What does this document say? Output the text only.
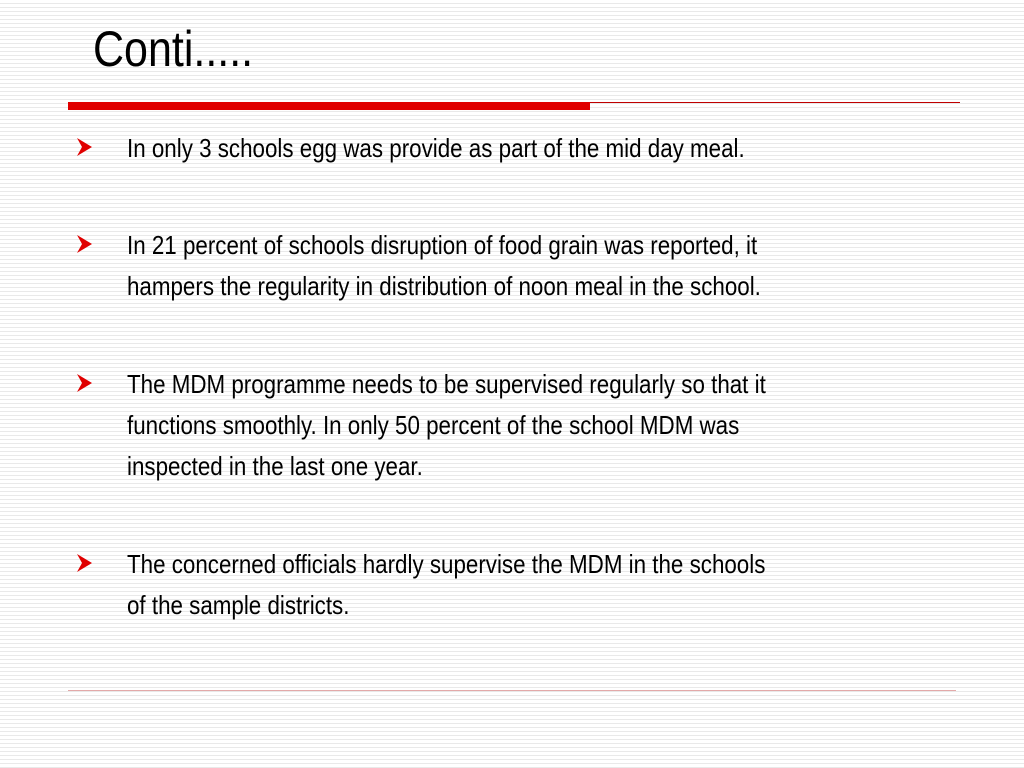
Conti.....
In only 3 schools egg was provide as part of the mid day meal.
In 21 percent of schools disruption of food grain was reported, it
hampers the regularity in distribution of noon meal in the school.
The MDM programme needs to be supervised regularly so that it
functions smoothly. In only 50 percent of the school MDM was
inspected in the last one year.
The concerned officials hardly supervise the MDM in the schools
of the sample districts.
